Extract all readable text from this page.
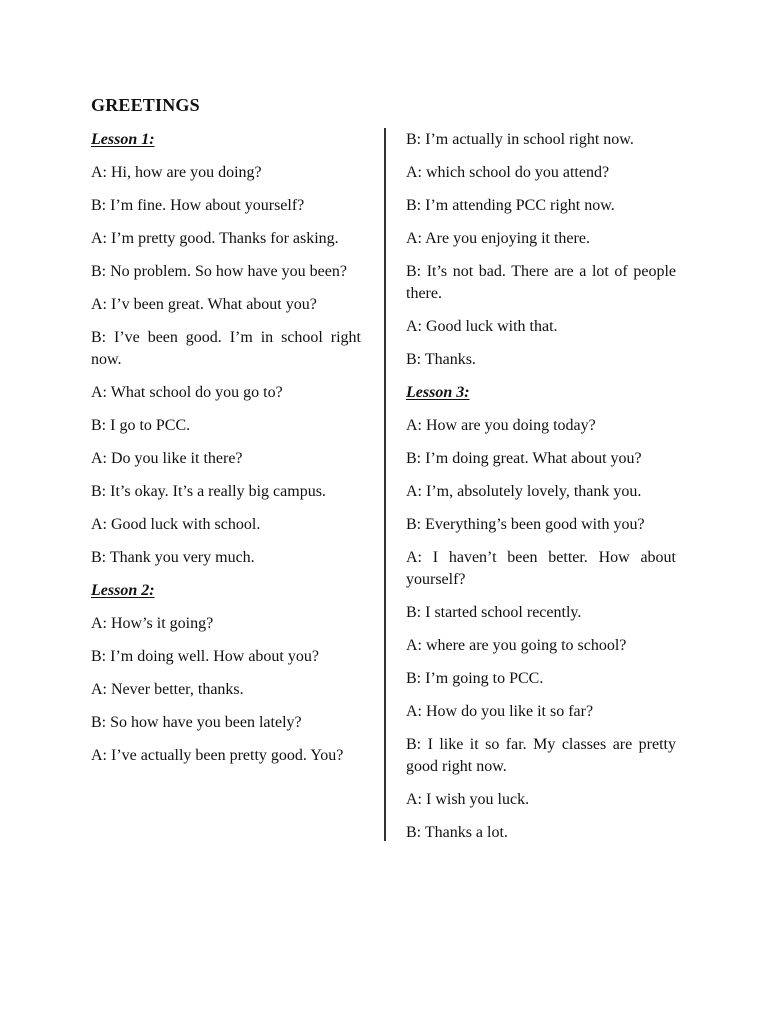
GREETINGS

Lesson 1:

A: Hi, how are you doing?

B: I’m fine. How about yourself?

A: I’m pretty good. Thanks for asking.

B: No problem. So how have you been?

A: I’v been great. What about you?

B: I’ve been good. I’m in school right now.

A: What school do you go to?

B: I go to PCC.

A: Do you like it there?

B: It’s okay. It’s a really big campus.

A: Good luck with school.

B: Thank you very much.

Lesson 2:

A: How’s it going?

B: I’m doing well. How about you?

A: Never better, thanks.

B: So how have you been lately?

A: I’ve actually been pretty good. You?

B: I’m actually in school right now.

A: which school do you attend?

B: I’m attending PCC right now.

A: Are you enjoying it there.

B: It’s not bad. There are a lot of people there.

A: Good luck with that.

B: Thanks.

Lesson 3:

A: How are you doing today?

B: I’m doing great. What about you?

A: I’m, absolutely lovely, thank you.

B: Everything’s been good with you?

A: I haven’t been better. How about yourself?

B: I started school recently.

A: where are you going to school?

B: I’m going to PCC.

A: How do you like it so far?

B: I like it so far. My classes are pretty good right now.

A: I wish you luck.

B: Thanks a lot.
